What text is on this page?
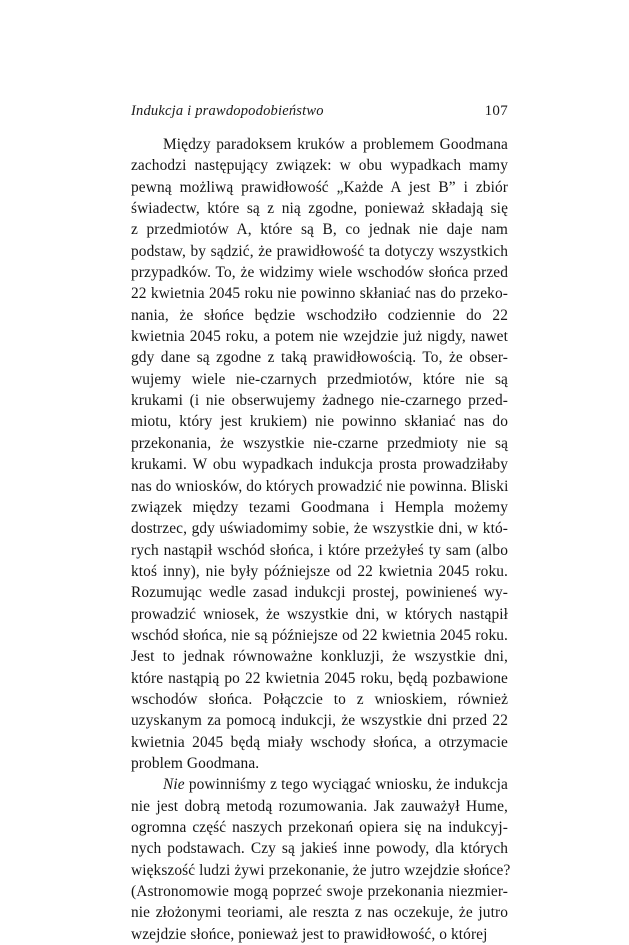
Indukcja i prawdopodobieństwo	107

Między paradoksem kruków a problemem Goodmana
zachodzi następujący związek: w obu wypadkach mamy
pewną możliwą prawidłowość „Każde A jest B” i zbiór
świadectw, które są z nią zgodne, ponieważ składają się
z przedmiotów A, które są B, co jednak nie daje nam
podstaw, by sądzić, że prawidłowość ta dotyczy wszystkich
przypadków. To, że widzimy wiele wschodów słońca przed
22 kwietnia 2045 roku nie powinno skłaniać nas do przeko-
nania, że słońce będzie wschodziło codziennie do 22
kwietnia 2045 roku, a potem nie wzejdzie już nigdy, nawet
gdy dane są zgodne z taką prawidłowością. To, że obser-
wujemy wiele nie-czarnych przedmiotów, które nie są
krukami (i nie obserwujemy żadnego nie-czarnego przed-
miotu, który jest krukiem) nie powinno skłaniać nas do
przekonania, że wszystkie nie-czarne przedmioty nie są
krukami. W obu wypadkach indukcja prosta prowadziłaby
nas do wniosków, do których prowadzić nie powinna. Bliski
związek między tezami Goodmana i Hempla możemy
dostrzec, gdy uświadomimy sobie, że wszystkie dni, w któ-
rych nastąpił wschód słońca, i które przeżyłeś ty sam (albo
ktoś inny), nie były późniejsze od 22 kwietnia 2045 roku.
Rozumując wedle zasad indukcji prostej, powinieneś wy-
prowadzić wniosek, że wszystkie dni, w których nastąpił
wschód słońca, nie są późniejsze od 22 kwietnia 2045 roku.
Jest to jednak równoważne konkluzji, że wszystkie dni,
które nastąpią po 22 kwietnia 2045 roku, będą pozbawione
wschodów słońca. Połączcie to z wnioskiem, również
uzyskanym za pomocą indukcji, że wszystkie dni przed 22
kwietnia 2045 będą miały wschody słońca, a otrzymacie
problem Goodmana.

Nie powinniśmy z tego wyciągać wniosku, że indukcja
nie jest dobrą metodą rozumowania. Jak zauważył Hume,
ogromna część naszych przekonań opiera się na indukcyj-
nych podstawach. Czy są jakieś inne powody, dla których
większość ludzi żywi przekonanie, że jutro wzejdzie słońce?
(Astronomowie mogą poprzeć swoje przekonania niezmier-
nie złożonymi teoriami, ale reszta z nas oczekuje, że jutro
wzejdzie słońce, ponieważ jest to prawidłowość, o której
